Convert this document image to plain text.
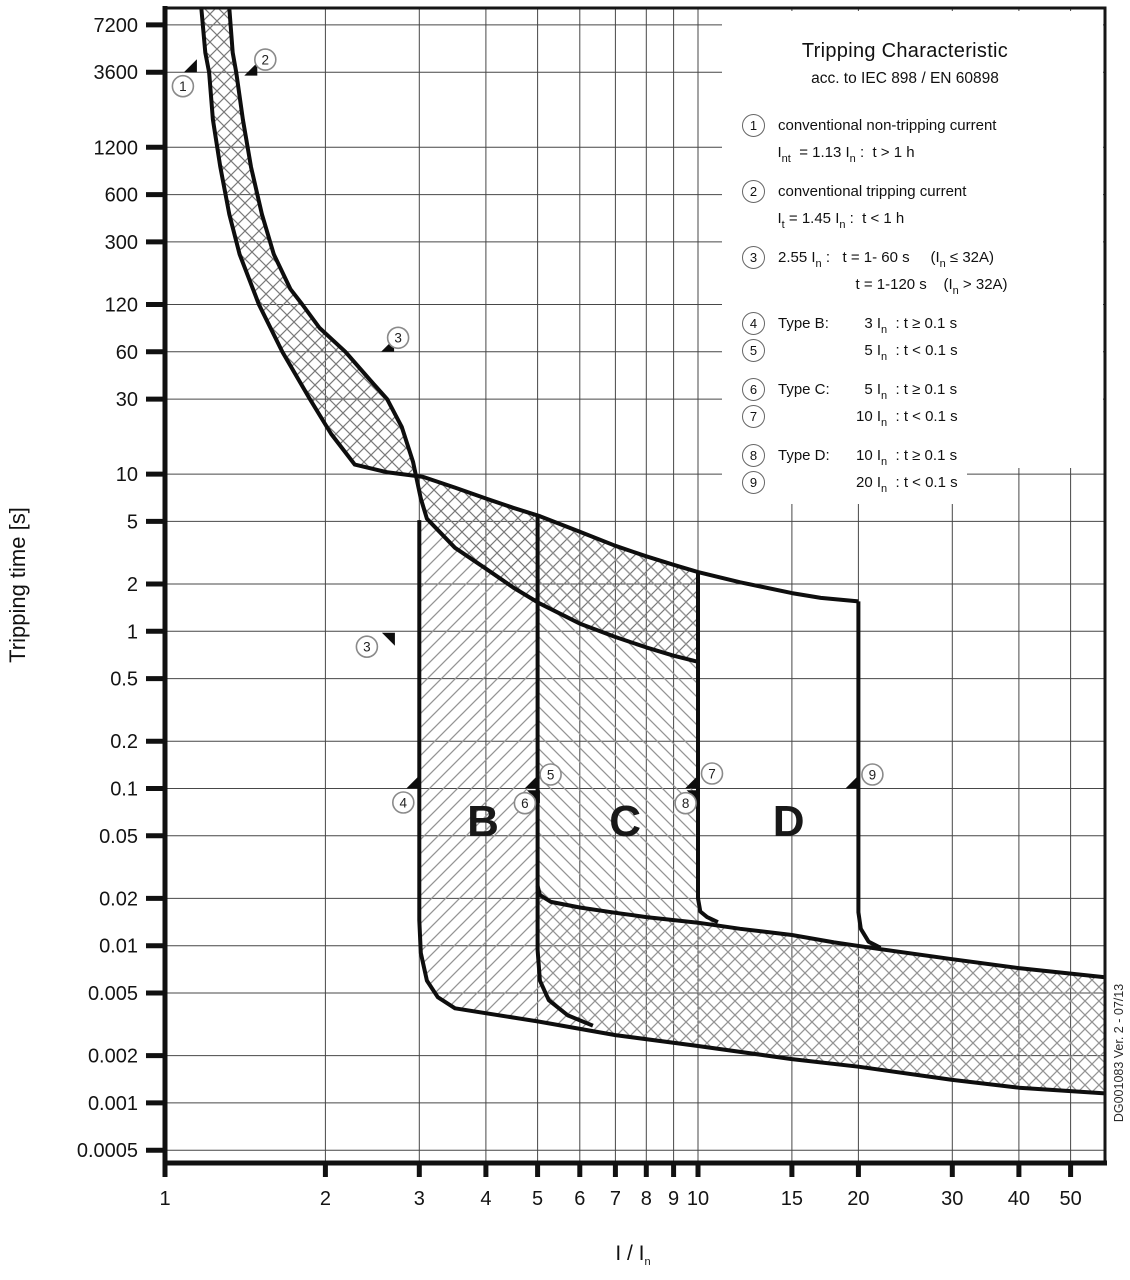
7200
3600
1200
600
300
120
60
30
10
5
2
1
0.5
0.2
0.1
0.05
0.02
0.01
0.005
0.002
0.001
0.0005
1	2	3	4 5 6 7 8 9 10	15 20	30 40 50
B	C	D
1
2
3
3
4
5
6
7
8
9
Tripping Characteristic
acc. to IEC 898 / EN 60898
1	conventional non-tripping current
$I_{nt} = 1.13$ $I_n$ :  t > 1 h
2	conventional tripping current
$I_t = 1.45$ $I_n$ :  t < 1 h
3	2.55 $I_n$ :   t = 1- 60 s     $(I_n \le 32A)$
t = 1-120 s    $(I_n > 32A)$
4	Type B:	3 $I_n$  : t ≥ 0.1 s
5	5 $I_n$  : t < 0.1 s
6	Type C:	5 $I_n$  : t ≥ 0.1 s
7	10 $I_n$  : t < 0.1 s
8	Type D:	10 $I_n$  : t ≥ 0.1 s
9	20 $I_n$  : t < 0.1 s
Tripping time [s]
I / $I_n$
DG001083 Ver. 2 - 07/13
